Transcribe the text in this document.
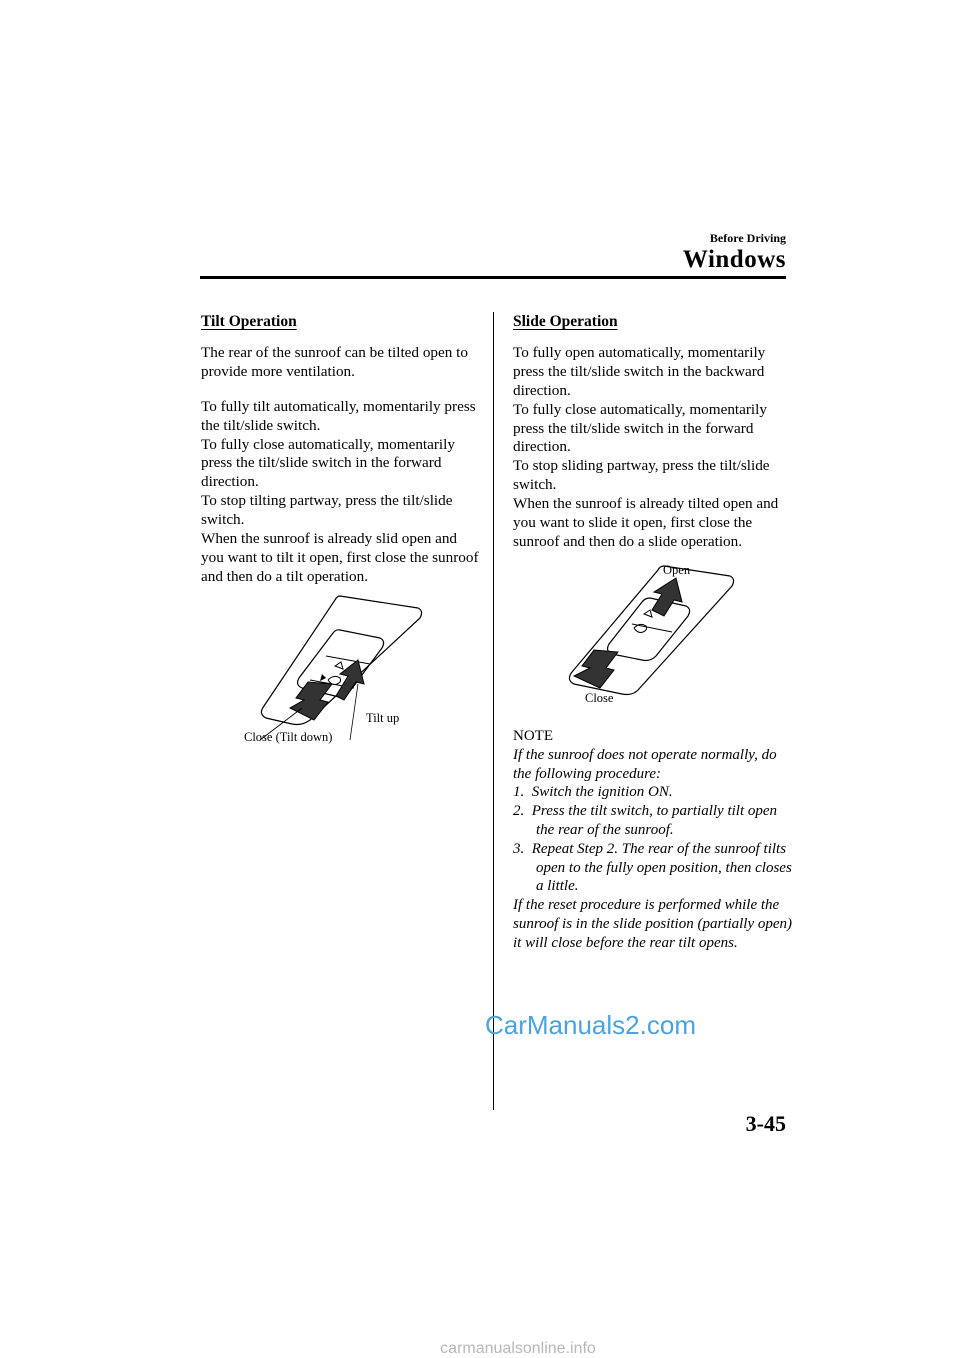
Before Driving
Windows

Tilt Operation

The rear of the sunroof can be tilted open to provide more ventilation.

To fully tilt automatically, momentarily press the tilt/slide switch.

To fully close automatically, momentarily press the tilt/slide switch in the forward direction.

To stop tilting partway, press the tilt/slide switch.

When the sunroof is already slid open and you want to tilt it open, first close the sunroof and then do a tilt operation.

Tilt up
Close (Tilt down)

Slide Operation

To fully open automatically, momentarily press the tilt/slide switch in the backward direction.

To fully close automatically, momentarily press the tilt/slide switch in the forward direction.

To stop sliding partway, press the tilt/slide switch.

When the sunroof is already tilted open and you want to slide it open, first close the sunroof and then do a slide operation.

Open
Close

NOTE

If the sunroof does not operate normally, do the following procedure:

1.  Switch the ignition ON.
2.  Press the tilt switch, to partially tilt open the rear of the sunroof.
3.  Repeat Step 2. The rear of the sunroof tilts open to the fully open position, then closes a little.

If the reset procedure is performed while the sunroof is in the slide position (partially open) it will close before the rear tilt opens.

CarManuals2.com
3-45
carmanualsonline.info
